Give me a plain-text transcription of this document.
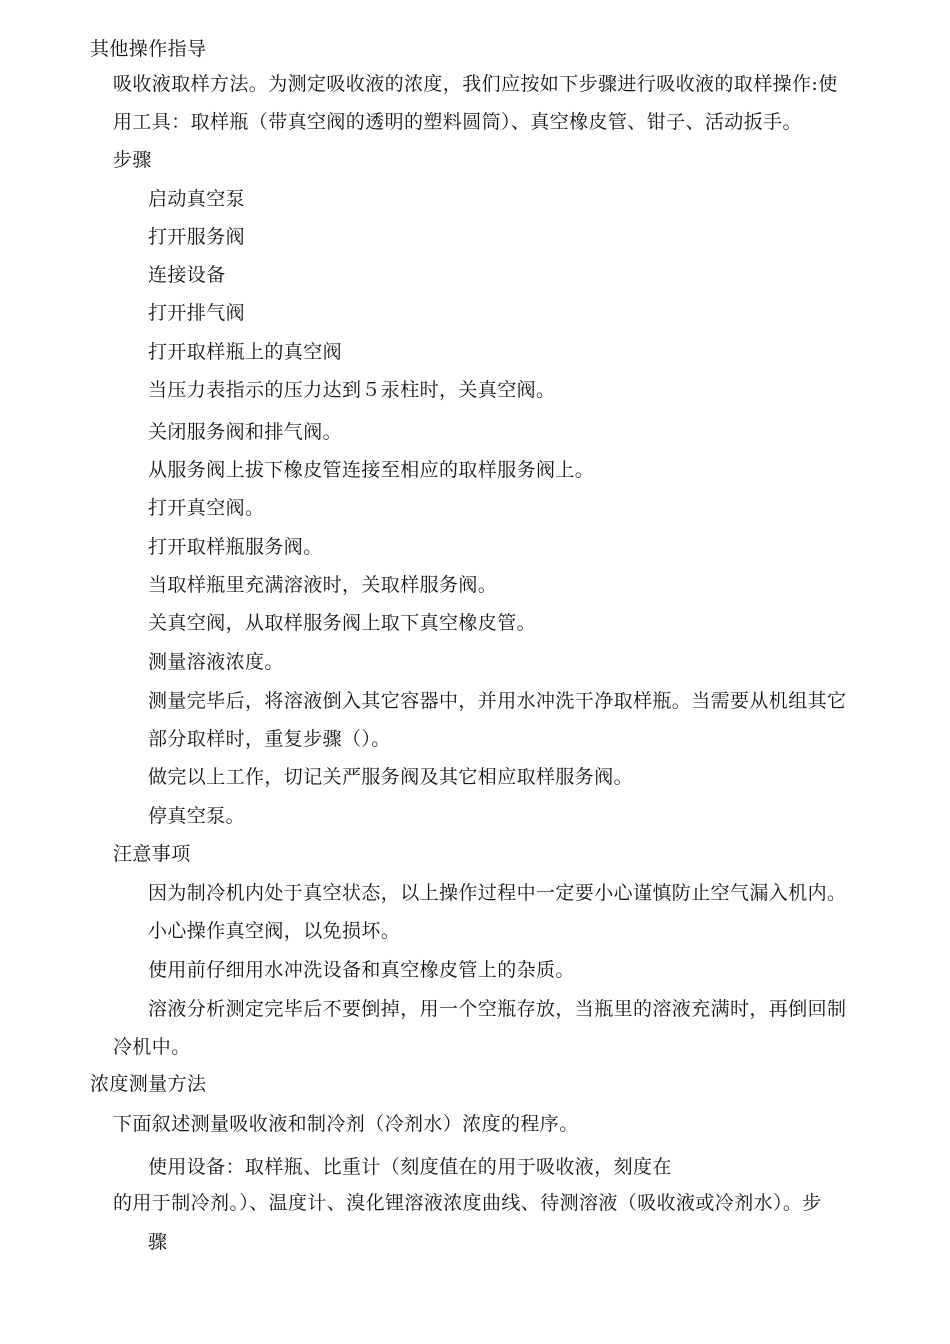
其他操作指导
吸收液取样方法。为测定吸收液的浓度，我们应按如下步骤进行吸收液的取样操作:使
用工具：取样瓶（带真空阀的透明的塑料圆筒）、真空橡皮管、钳子、活动扳手。
步骤
启动真空泵
打开服务阀
连接设备
打开排气阀
打开取样瓶上的真空阀
当压力表指示的压力达到５汞柱时，关真空阀。
关闭服务阀和排气阀。
从服务阀上拔下橡皮管连接至相应的取样服务阀上。
打开真空阀。
打开取样瓶服务阀。
当取样瓶里充满溶液时，关取样服务阀。
关真空阀，从取样服务阀上取下真空橡皮管。
测量溶液浓度。
测量完毕后，将溶液倒入其它容器中，并用水冲洗干净取样瓶。当需要从机组其它
部分取样时，重复步骤（）。
做完以上工作，切记关严服务阀及其它相应取样服务阀。
停真空泵。
汪意事项
因为制冷机内处于真空状态，以上操作过程中一定要小心谨慎防止空气漏入机内。
小心操作真空阀，以免损坏。
使用前仔细用水冲洗设备和真空橡皮管上的杂质。
溶液分析测定完毕后不要倒掉，用一个空瓶存放，当瓶里的溶液充满时，再倒回制
冷机中。
浓度测量方法
下面叙述测量吸收液和制冷剂（冷剂水）浓度的程序。
使用设备：取样瓶、比重计（刻度值在的用于吸收液，刻度在
的用于制冷剂。）、温度计、溴化锂溶液浓度曲线、待测溶液（吸收液或冷剂水）。步
骤
